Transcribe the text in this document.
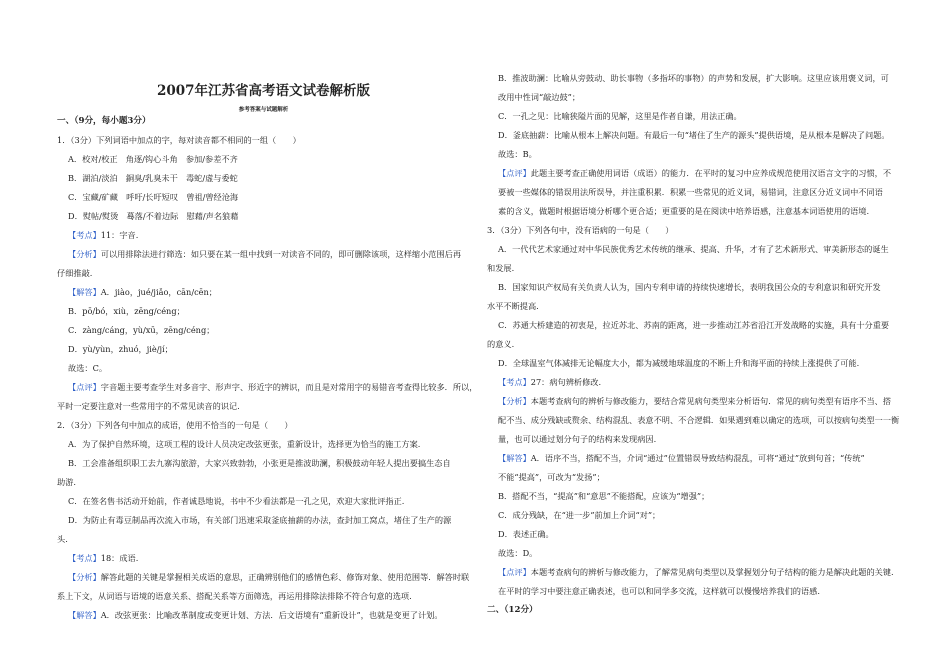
2007年江苏省高考语文试卷解析版
参考答案与试题解析
一、（9分，每小题3分）
1．（3分）下列词语中加点的字，每对读音都不相同的一组（　　）
A．校对/校正　角逐/钩心斗角　参加/参差不齐
B．湖泊/淡泊　銅臭/乳臭未干　毒蛇/虚与委蛇
C．宝藏/矿藏　呼吁/长吁短叹　曾祖/曾经沧海
D．熨帖/熨烫　蓦落/不着边际　慰藉/声名狼藉
【考点】11：字音.
【分析】可以用排除法进行筛选：如只要在某一组中找到一对读音不同的，即可删除该项，这样缩小范围后再
仔细推敲.
【解答】A．jiào，jué/jiǎo，cān/cēn；
B．pō/bó，xiù，zēng/céng；
C．zàng/cáng，yù/xū，zēng/céng；
D．yù/yùn，zhuó，jiè/jí；
故选：C。
【点评】字音题主要考查学生对多音字、形声字、形近字的辨识，而且是对常用字的易错音考查得比较多．所以，
平时一定要注意对一些常用字的不常见读音的识记.
2．（3分）下列各句中加点的成语，使用不恰当的一句是（　　）
A．为了保护自然环境，这项工程的设计人员决定改弦更张，重新设计，选择更为恰当的施工方案.
B．工会准备组织职工去九寨沟旅游，大家兴致勃勃，小张更是推波助澜，积极鼓动年轻人提出要搞生态自
助游.
C．在签名售书活动开始前，作者诚恳地说，书中不少看法都是一孔之见，欢迎大家批评指正.
D．为防止有毒豆制品再次流入市场，有关部门迅速采取釜底抽薪的办法，查封加工窝点，堵住了生产的源
头.
【考点】18：成语.
【分析】解答此题的关键是掌握相关成语的意思，正确辨别他们的感情色彩、修饰对象、使用范围等．解答时联
系上下文，从词语与语境的语意关系、搭配关系等方面筛选，再运用排除法排除不符合句意的选项.
【解答】A．改弦更张：比喻改革制度或变更计划、方法．后文语境有“重新设计”，也就是变更了计划。
B．推波助澜：比喻从旁鼓动、助长事物（多指坏的事物）的声势和发展，扩大影响。这里应该用褒义词，可
改用中性词“敲边鼓”；
C．一孔之见：比喻狭隘片面的见解，这里是作者自谦，用法正确。
D．釜底抽薪：比喻从根本上解决问题。有最后一句“堵住了生产的源头”提供语境，是从根本是解决了问题。
故选：B。
【点评】此题主要考查正确使用词语（成语）的能力．在平时的复习中应养成规范使用汉语言文字的习惯，不
要被一些媒体的错误用法所误导，并注重积累．积累一些常见的近义词，易错词，注意区分近义词中不同语
素的含义，做题时根据语境分析哪个更合适；更重要的是在阅读中培养语感，注意基本词语使用的语境.
3．（3分）下列各句中，没有语病的一句是（　　）
A．一代代艺术家通过对中华民族优秀艺术传统的继承、提高、升华，才有了艺术新形式、审美新形态的诞生
和发展.
B．国家知识产权局有关负责人认为，国内专利申请的持续快速增长，表明我国公众的专利意识和研究开发
水平不断提高.
C．苏通大桥建造的初衷是，拉近苏北、苏南的距离，进一步推动江苏省沿江开发战略的实施，具有十分重要
的意义.
D．全球温室气体减排无论幅度大小，都为减缓地球温度的不断上升和海平面的持续上涨提供了可能.
【考点】27：病句辨析修改.
【分析】本题考查病句的辨析与修改能力，要结合常见病句类型来分析语句．常见的病句类型有语序不当、搭
配不当、成分残缺或赘余、结构混乱、表意不明、不合逻辑．如果遇到难以确定的选项，可以按病句类型一一衡
量，也可以通过划分句子的结构来发现病因.
【解答】A．语序不当，搭配不当，介词“通过”位置错误导致结构混乱，可将“通过”放到句首；“传统”
不能“提高”，可改为“发扬”；
B．搭配不当，“提高”和“意思”不能搭配，应该为“增强”；
C．成分残缺，在“进一步”前加上介词“对”；
D．表述正确。
故选：D。
【点评】本题考查病句的辨析与修改能力，了解常见病句类型以及掌握划分句子结构的能力是解决此题的关键.
在平时的学习中要注意正确表述，也可以和同学多交流，这样就可以慢慢培养我们的语感.
二、（12分）
